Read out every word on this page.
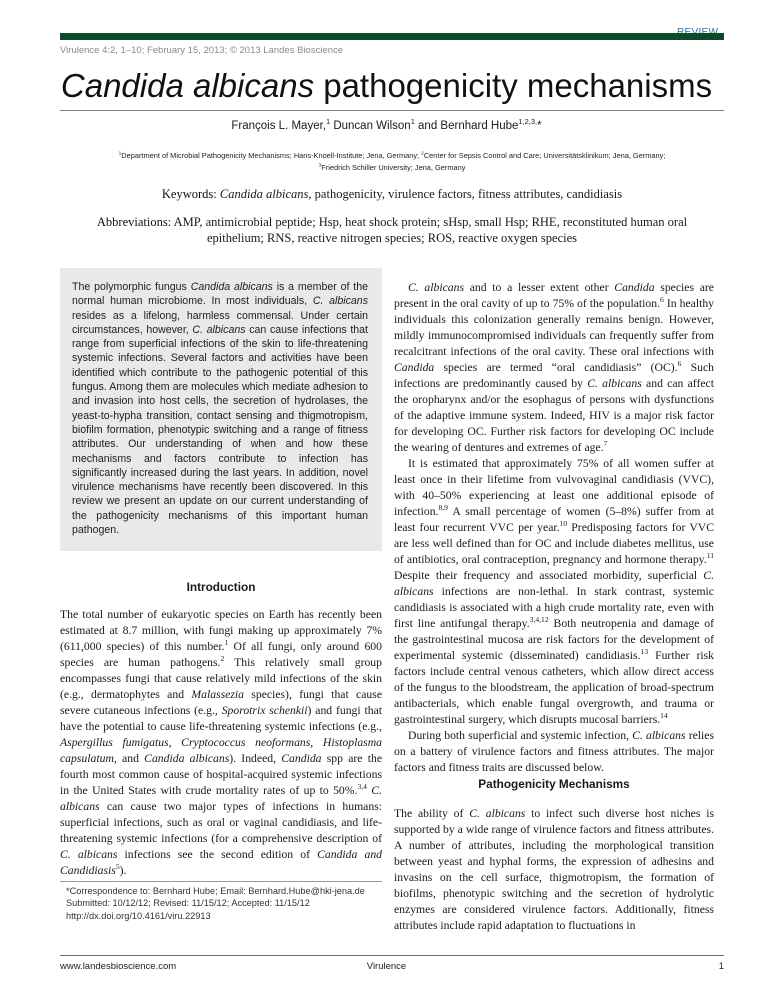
Virulence 4:2, 1–10; February 15, 2013; © 2013 Landes Bioscience
Candida albicans pathogenicity mechanisms
François L. Mayer,$^1$ Duncan Wilson$^1$ and Bernhard Hube$^{1,2,3,}$*
$^1$Department of Microbial Pathogenicity Mechanisms; Hans-Knoell-Institute; Jena, Germany; $^2$Center for Sepsis Control and Care; Universitätsklinikum; Jena, Germany;
$^3$Friedrich Schiller University; Jena, Germany
Keywords: Candida albicans, pathogenicity, virulence factors, fitness attributes, candidiasis
Abbreviations: AMP, antimicrobial peptide; Hsp, heat shock protein; sHsp, small Hsp; RHE, reconstituted human oral epithelium; RNS, reactive nitrogen species; ROS, reactive oxygen species
The polymorphic fungus Candida albicans is a member of the normal human microbiome. In most individuals, C. albicans resides as a lifelong, harmless commensal. Under certain circumstances, however, C. albicans can cause infections that range from superficial infections of the skin to life-threatening systemic infections. Several factors and activities have been identified which contribute to the pathogenic potential of this fungus. Among them are molecules which mediate adhesion to and invasion into host cells, the secretion of hydrolases, the yeast-to-hypha transition, contact sensing and thigmotropism, biofilm formation, phenotypic switching and a range of fitness attributes. Our understanding of when and how these mechanisms and factors contribute to infection has significantly increased during the last years. In addition, novel virulence mechanisms have recently been discovered. In this review we present an update on our current understanding of the pathogenicity mechanisms of this important human pathogen.
Introduction
The total number of eukaryotic species on Earth has recently been estimated at 8.7 million, with fungi making up approximately 7% (611,000 species) of this number.$^1$ Of all fungi, only around 600 species are human pathogens.$^2$ This relatively small group encompasses fungi that cause relatively mild infections of the skin (e.g., dermatophytes and Malassezia species), fungi that cause severe cutaneous infections (e.g., Sporotrix schenkii) and fungi that have the potential to cause life-threatening systemic infections (e.g., Aspergillus fumigatus, Cryptococcus neoformans, Histoplasma capsulatum, and Candida albicans). Indeed, Candida spp are the fourth most common cause of hospital-acquired systemic infections in the United States with crude mortality rates of up to 50%.$^{3,4}$ C. albicans can cause two major types of infections in humans: superficial infections, such as oral or vaginal candidiasis, and life-threatening systemic infections (for a comprehensive description of C. albicans infections see the second edition of Candida and Candidiasis$^5$).
*Correspondence to: Bernhard Hube; Email: Bernhard.Hube@hki-jena.de
Submitted: 10/12/12; Revised: 11/15/12; Accepted: 11/15/12
http://dx.doi.org/10.4161/viru.22913

C. albicans and to a lesser extent other Candida species are present in the oral cavity of up to 75% of the population.$^6$ In healthy individuals this colonization generally remains benign. However, mildly immunocompromised individuals can frequently suffer from recalcitrant infections of the oral cavity. These oral infections with Candida species are termed “oral candidiasis” (OC).$^6$ Such infections are predominantly caused by C. albicans and can affect the oropharynx and/or the esophagus of persons with dysfunctions of the adaptive immune system. Indeed, HIV is a major risk factor for developing OC. Further risk factors for developing OC include the wearing of dentures and extremes of age.$^7$

It is estimated that approximately 75% of all women suffer at least once in their lifetime from vulvovaginal candidiasis (VVC), with 40–50% experiencing at least one additional episode of infection.$^{8,9}$ A small percentage of women (5–8%) suffer from at least four recurrent VVC per year.$^{10}$ Predisposing factors for VVC are less well defined than for OC and include diabetes mellitus, use of antibiotics, oral contraception, pregnancy and hormone therapy.$^{11}$ Despite their frequency and associated morbidity, superficial C. albicans infections are non-lethal. In stark contrast, systemic candidiasis is associated with a high crude mortality rate, even with first line antifungal therapy.$^{3,4,12}$ Both neutropenia and damage of the gastrointestinal mucosa are risk factors for the development of experimental systemic (disseminated) candidiasis.$^{13}$ Further risk factors include central venous catheters, which allow direct access of the fungus to the bloodstream, the application of broad-spectrum antibacterials, which enable fungal overgrowth, and trauma or gastrointestinal surgery, which disrupts mucosal barriers.$^{14}$

During both superficial and systemic infection, C. albicans relies on a battery of virulence factors and fitness attributes. The major factors and fitness traits are discussed below.

Pathogenicity Mechanisms
The ability of C. albicans to infect such diverse host niches is supported by a wide range of virulence factors and fitness attributes. A number of attributes, including the morphological transition between yeast and hyphal forms, the expression of adhesins and invasins on the cell surface, thigmotropism, the formation of biofilms, phenotypic switching and the secretion of hydrolytic enzymes are considered virulence factors. Additionally, fitness attributes include rapid adaptation to fluctuations in
www.landesbioscience.com	Virulence	1
